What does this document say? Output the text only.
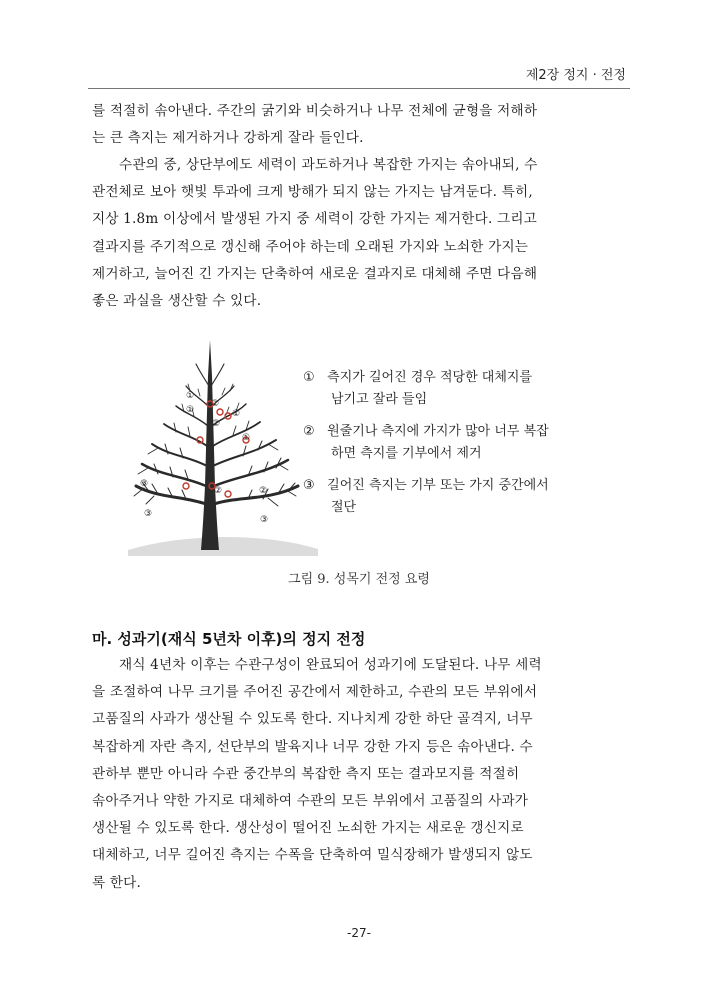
제2장 정지 · 전정

를 적절히 솎아낸다. 주간의 굵기와 비슷하거나 나무 전체에 균형을 저해하
는 큰 측지는 제거하거나 강하게 잘라 들인다.

수관의 중, 상단부에도 세력이 과도하거나 복잡한 가지는 솎아내되, 수
관전체로 보아 햇빛 투과에 크게 방해가 되지 않는 가지는 남겨둔다. 특히,
지상 1.8m 이상에서 발생된 가지 중 세력이 강한 가지는 제거한다. 그리고
결과지를 주기적으로 갱신해 주어야 하는데 오래된 가지와 노쇠한 가지는
제거하고, 늘어진 긴 가지는 단축하여 새로운 결과지로 대체해 주면 다음해
좋은 과실을 생산할 수 있다.

①
①	①
①
②
②
②	②
③
③
③
① 측지가 길어진 경우 적당한 대체지를
남기고 잘라 들임
② 원줄기나 측지에 가지가 많아 너무 복잡
하면 측지를 기부에서 제거
③ 길어진 측지는 기부 또는 가지 중간에서
절단
그림 9. 성목기 전정 요령
마. 성과기(재식 5년차 이후)의 정지 전정

재식 4년차 이후는 수관구성이 완료되어 성과기에 도달된다. 나무 세력
을 조절하여 나무 크기를 주어진 공간에서 제한하고, 수관의 모든 부위에서
고품질의 사과가 생산될 수 있도록 한다. 지나치게 강한 하단 골격지, 너무
복잡하게 자란 측지, 선단부의 발육지나 너무 강한 가지 등은 솎아낸다. 수
관하부 뿐만 아니라 수관 중간부의 복잡한 측지 또는 결과모지를 적절히
솎아주거나 약한 가지로 대체하여 수관의 모든 부위에서 고품질의 사과가
생산될 수 있도록 한다. 생산성이 떨어진 노쇠한 가지는 새로운 갱신지로
대체하고, 너무 길어진 측지는 수폭을 단축하여 밀식장해가 발생되지 않도
록 한다.

-27-
